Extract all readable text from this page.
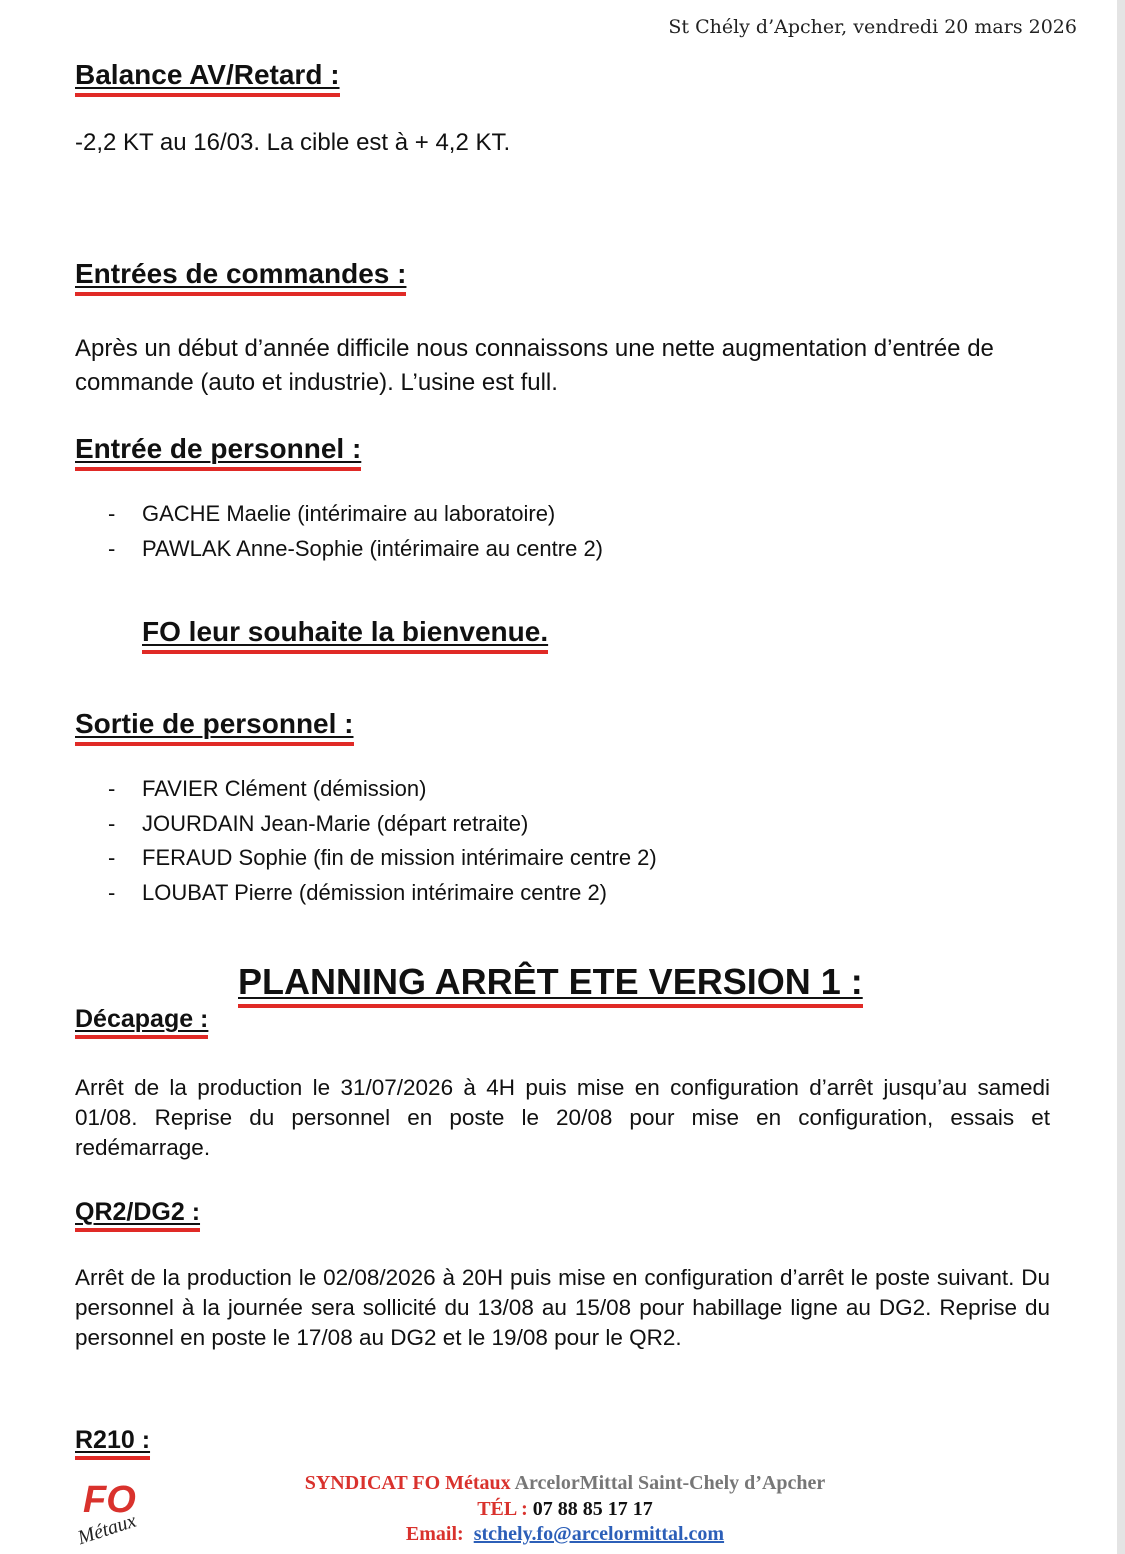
St Chély d’Apcher, vendredi 20 mars 2026
Balance AV/Retard :
-2,2 KT au 16/03. La cible est à + 4,2 KT.
Entrées de commandes :
Après un début d’année difficile nous connaissons une nette augmentation d’entrée de commande (auto et industrie). L’usine est full.
Entrée de personnel :
- GACHE Maelie (intérimaire au laboratoire)
- PAWLAK Anne-Sophie (intérimaire au centre 2)
FO leur souhaite la bienvenue.
Sortie de personnel :
- FAVIER Clément (démission)
- JOURDAIN Jean-Marie (départ retraite)
- FERAUD Sophie (fin de mission intérimaire centre 2)
- LOUBAT Pierre (démission intérimaire centre 2)
PLANNING ARRÊT ETE VERSION 1 :
Décapage :
Arrêt de la production le 31/07/2026 à 4H puis mise en configuration d’arrêt jusqu’au samedi 01/08. Reprise du personnel en poste le 20/08 pour mise en configuration, essais et redémarrage.
QR2/DG2 :
Arrêt de la production le 02/08/2026 à 20H puis mise en configuration d’arrêt le poste suivant. Du personnel à la journée sera sollicité du 13/08 au 15/08 pour habillage ligne au DG2. Reprise du personnel en poste le 17/08 au DG2 et le 19/08 pour le QR2.
R210 :
FO
Métaux
SYNDICAT FO Métaux ArcelorMittal Saint-Chely d’Apcher
TÉL : 07 88 85 17 17
Email: stchely.fo@arcelormittal.com
